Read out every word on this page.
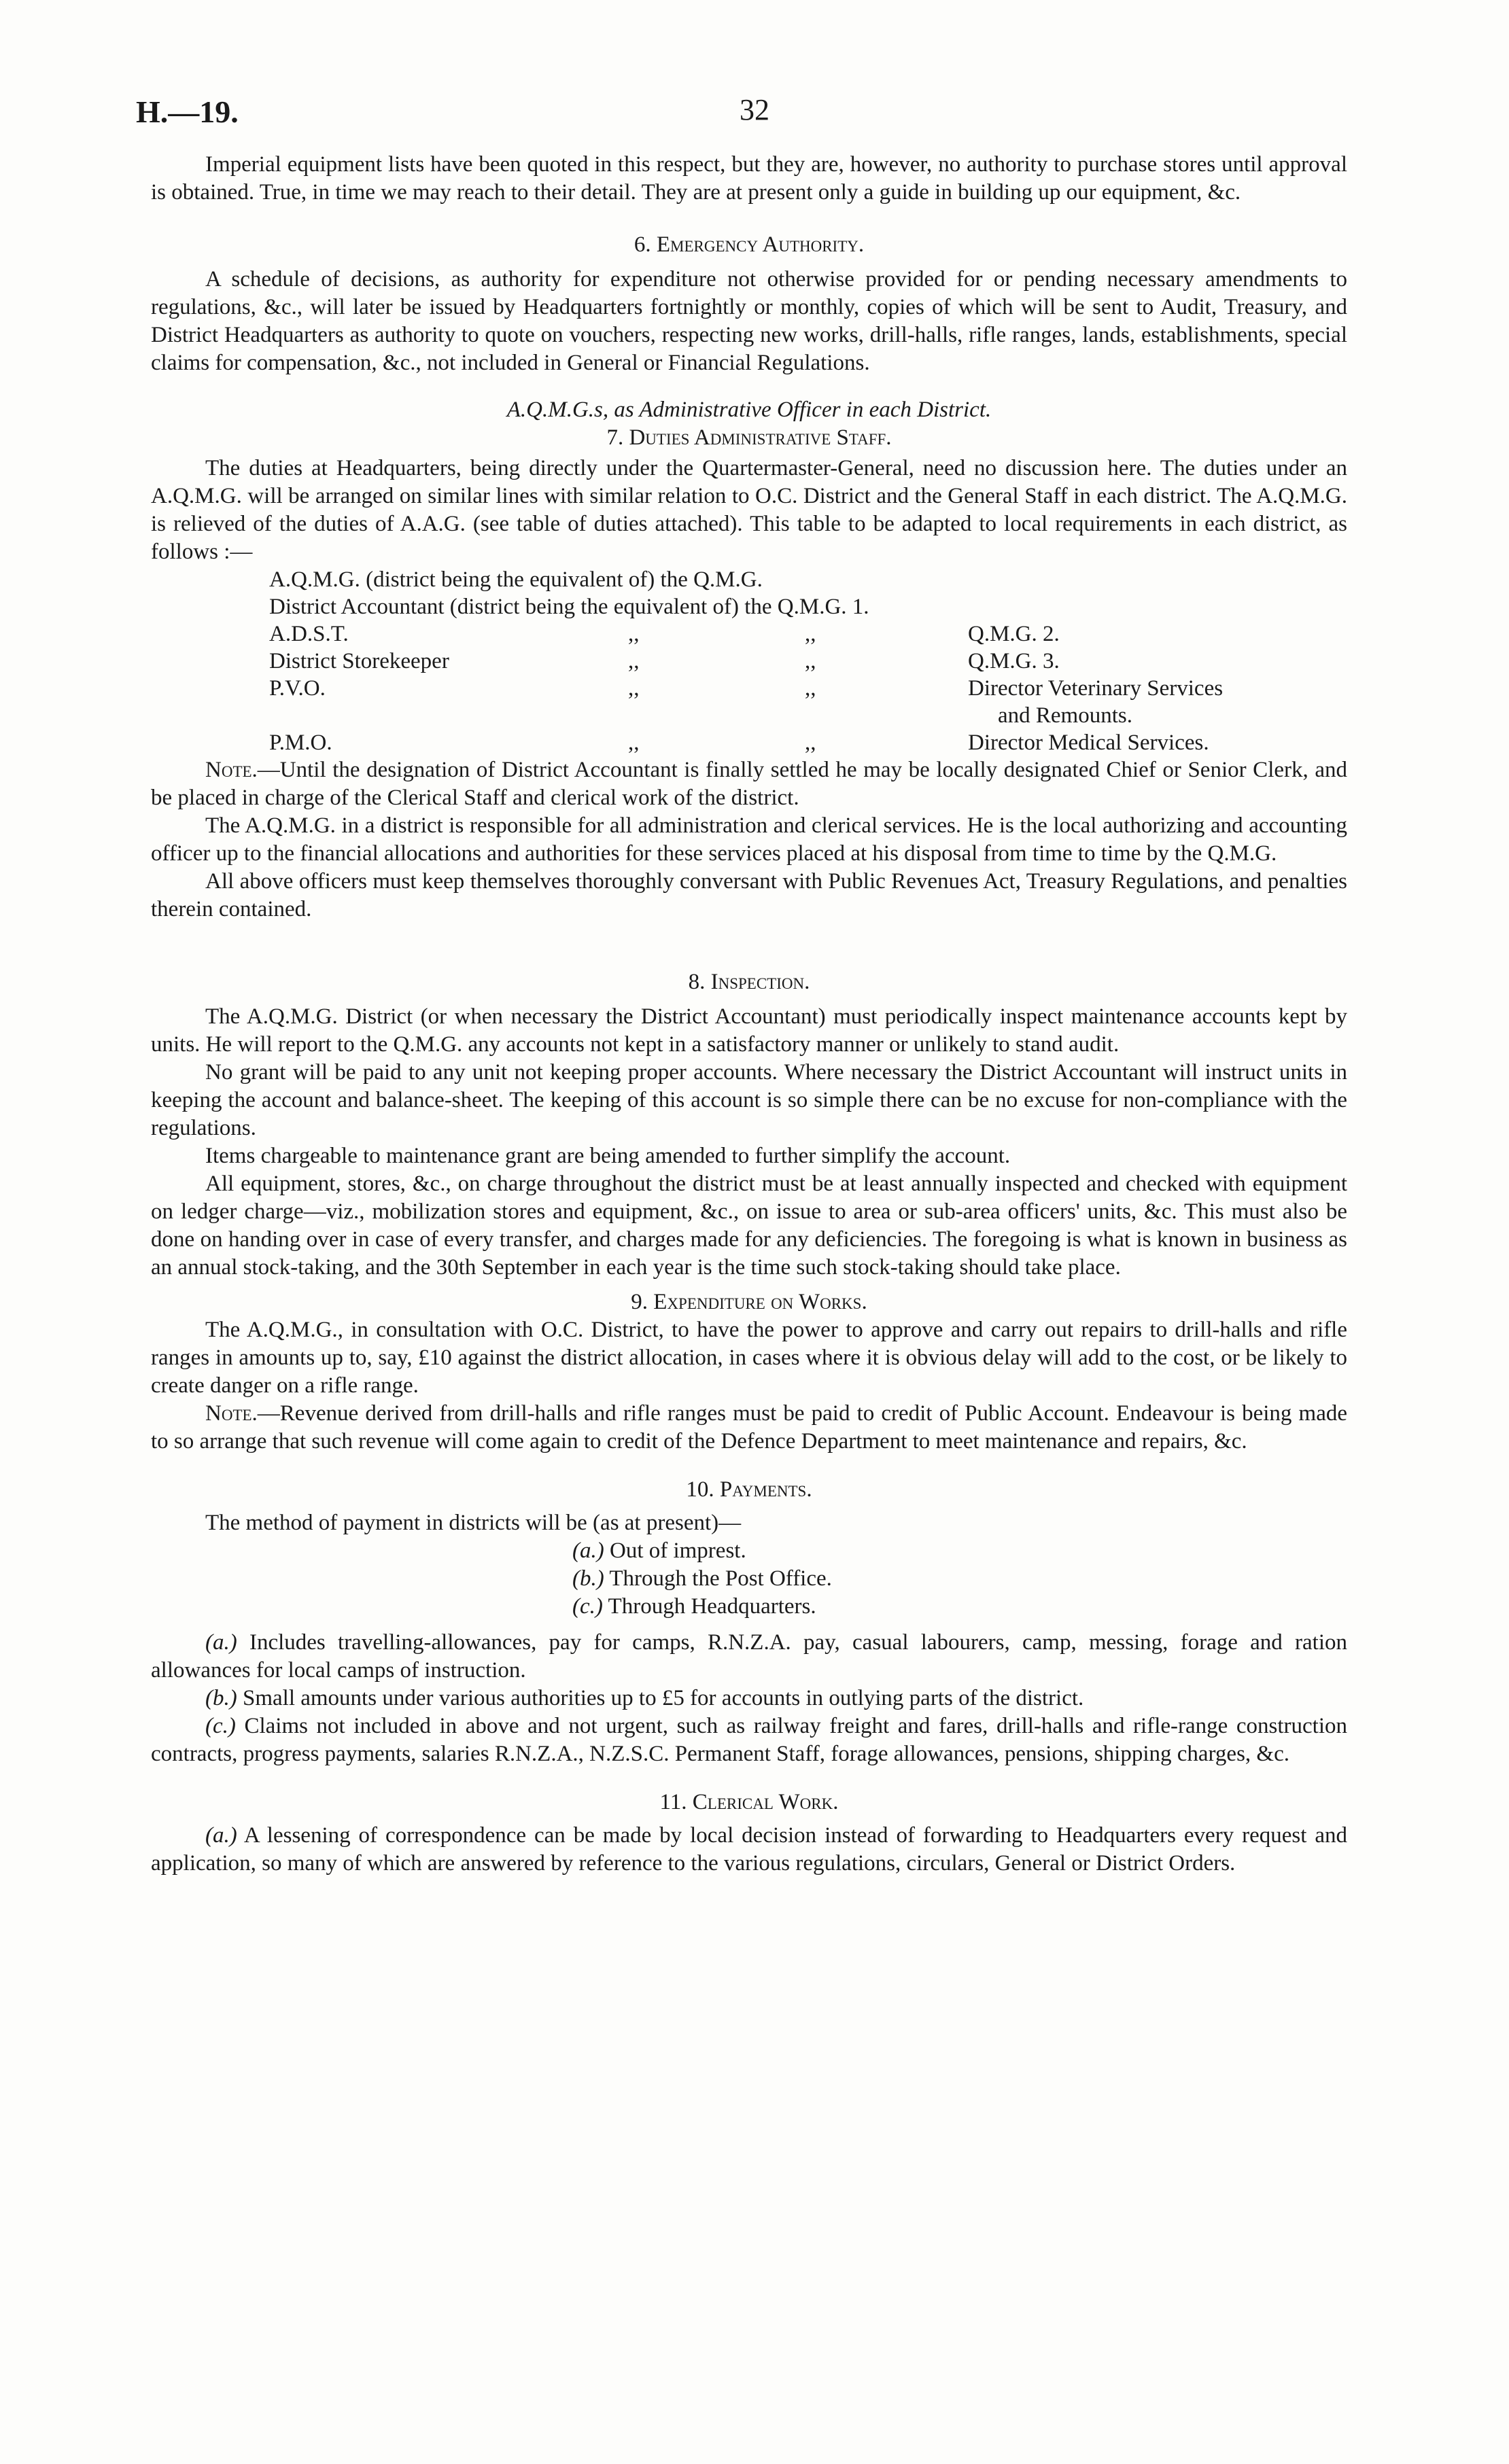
H.—19.	32

Imperial equipment lists have been quoted in this respect, but they are, however, no authority to purchase stores until approval is obtained. True, in time we may reach to their detail. They are at present only a guide in building up our equipment, &c.

6. Emergency Authority.

A schedule of decisions, as authority for expenditure not otherwise provided for or pending necessary amendments to regulations, &c., will later be issued by Headquarters fortnightly or monthly, copies of which will be sent to Audit, Treasury, and District Headquarters as authority to quote on vouchers, respecting new works, drill-halls, rifle ranges, lands, establishments, special claims for compensation, &c., not included in General or Financial Regulations.

A.Q.M.G.s, as Administrative Officer in each District.

7. Duties Administrative Staff.

The duties at Headquarters, being directly under the Quartermaster-General, need no discussion here. The duties under an A.Q.M.G. will be arranged on similar lines with similar relation to O.C. District and the General Staff in each district. The A.Q.M.G. is relieved of the duties of A.A.G. (see table of duties attached). This table to be adapted to local requirements in each district, as follows :—

A.Q.M.G. (district being the equivalent of) the Q.M.G.			
District Accountant (district being the equivalent of) the Q.M.G. 1.			
A.D.S.T.	,,	,,	Q.M.G. 2.
District Storekeeper	,,	,,	Q.M.G. 3.
P.V.O.	,,	,,	Director Veterinary Services
and Remounts.

P.M.O.	,,	,,	Director Medical Services.

Note.—Until the designation of District Accountant is finally settled he may be locally designated Chief or Senior Clerk, and be placed in charge of the Clerical Staff and clerical work of the district.

The A.Q.M.G. in a district is responsible for all administration and clerical services. He is the local authorizing and accounting officer up to the financial allocations and authorities for these services placed at his disposal from time to time by the Q.M.G.

All above officers must keep themselves thoroughly conversant with Public Revenues Act, Treasury Regulations, and penalties therein contained.

8. Inspection.

The A.Q.M.G. District (or when necessary the District Accountant) must periodically inspect maintenance accounts kept by units. He will report to the Q.M.G. any accounts not kept in a satisfactory manner or unlikely to stand audit.

No grant will be paid to any unit not keeping proper accounts. Where necessary the District Accountant will instruct units in keeping the account and balance-sheet. The keeping of this account is so simple there can be no excuse for non-compliance with the regulations.

Items chargeable to maintenance grant are being amended to further simplify the account.

All equipment, stores, &c., on charge throughout the district must be at least annually inspected and checked with equipment on ledger charge—viz., mobilization stores and equipment, &c., on issue to area or sub-area officers' units, &c. This must also be done on handing over in case of every transfer, and charges made for any deficiencies. The foregoing is what is known in business as an annual stock-taking, and the 30th September in each year is the time such stock-taking should take place.

9. Expenditure on Works.

The A.Q.M.G., in consultation with O.C. District, to have the power to approve and carry out repairs to drill-halls and rifle ranges in amounts up to, say, £10 against the district allocation, in cases where it is obvious delay will add to the cost, or be likely to create danger on a rifle range.

Note.—Revenue derived from drill-halls and rifle ranges must be paid to credit of Public Account. Endeavour is being made to so arrange that such revenue will come again to credit of the Defence Department to meet maintenance and repairs, &c.

10. Payments.

The method of payment in districts will be (as at present)—

(a.) Out of imprest.
(b.) Through the Post Office.
(c.) Through Headquarters.

(a.) Includes travelling-allowances, pay for camps, R.N.Z.A. pay, casual labourers, camp, messing, forage and ration allowances for local camps of instruction.

(b.) Small amounts under various authorities up to £5 for accounts in outlying parts of the district.

(c.) Claims not included in above and not urgent, such as railway freight and fares, drill-halls and rifle-range construction contracts, progress payments, salaries R.N.Z.A., N.Z.S.C. Permanent Staff, forage allowances, pensions, shipping charges, &c.

11. Clerical Work.

(a.) A lessening of correspondence can be made by local decision instead of forwarding to Headquarters every request and application, so many of which are answered by reference to the various regulations, circulars, General or District Orders.
